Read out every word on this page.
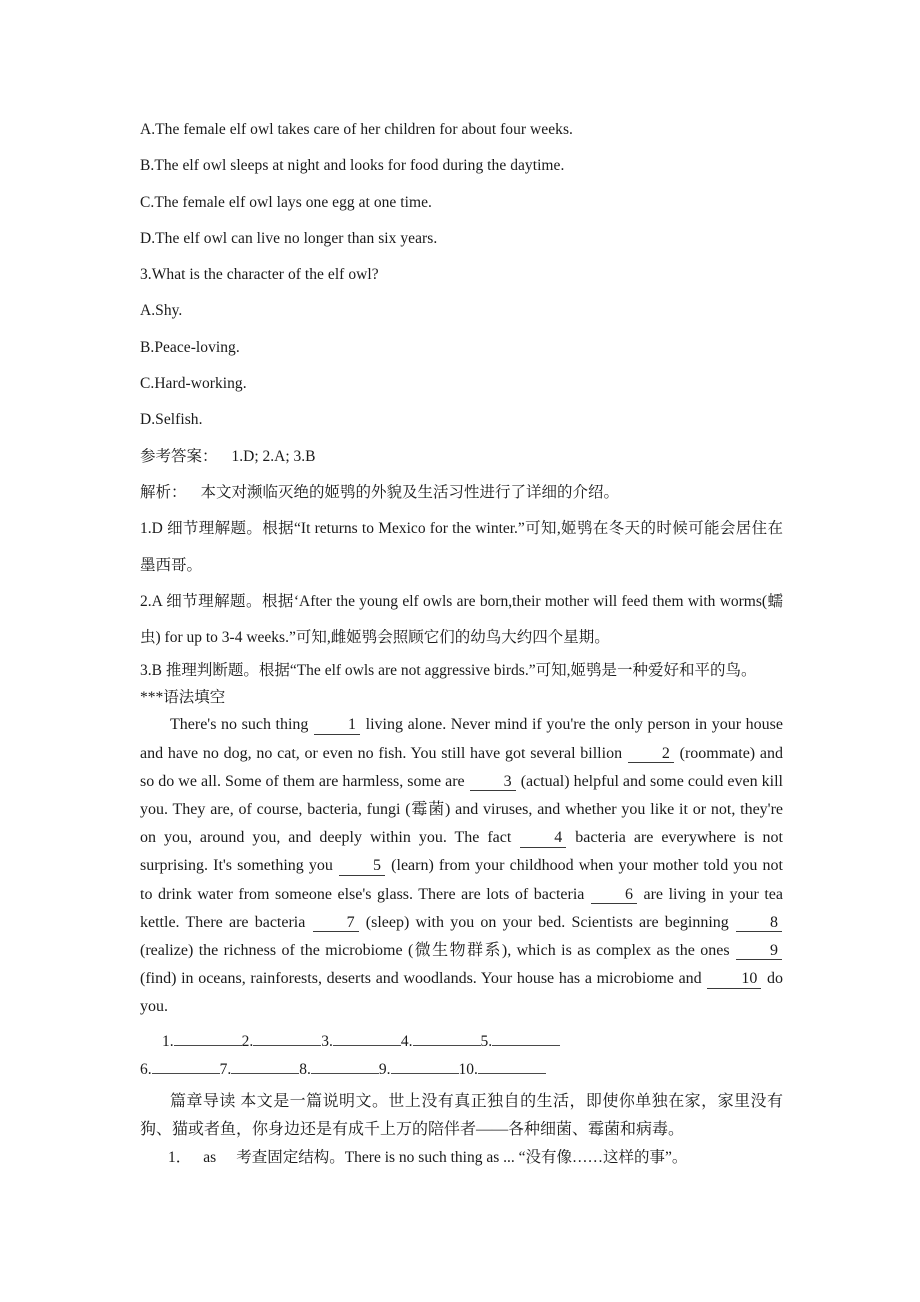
A.The female elf owl takes care of her children for about four weeks.
B.The elf owl sleeps at night and looks for food during the daytime.
C.The female elf owl lays one egg at one time.
D.The elf owl can live no longer than six years.
3.What is the character of the elf owl?
A.Shy.
B.Peace-loving.
C.Hard-working.
D.Selfish.
参考答案： 1.D; 2.A; 3.B
解析： 本文对濒临灭绝的姬鸮的外貌及生活习性进行了详细的介绍。
1.D 细节理解题。根据“It returns to Mexico for the winter.”可知,姬鸮在冬天的时候可能会居住在墨西哥。
2.A 细节理解题。根据‘After the young elf owls are born,their mother will feed them with worms(蠕虫) for up to 3-4 weeks.”可知,雌姬鸮会照顾它们的幼鸟大约四个星期。
3.B 推理判断题。根据“The elf owls are not aggressive birds.”可知,姬鸮是一种爱好和平的鸟。
***语法填空
There's no such thing 1 living alone. Never mind if you're the only person in your house and have no dog, no cat, or even no fish. You still have got several billion 2 (roommate) and so do we all. Some of them are harmless, some are 3 (actual) helpful and some could even kill you. They are, of course, bacteria, fungi (霉菌) and viruses, and whether you like it or not, they're on you, around you, and deeply within you. The fact 4 bacteria are everywhere is not surprising. It's something you 5 (learn) from your childhood when your mother told you not to drink water from someone else's glass. There are lots of bacteria 6 are living in your tea kettle. There are bacteria 7 (sleep) with you on your bed. Scientists are beginning 8 (realize) the richness of the microbiome (微生物群系), which is as complex as the ones 9 (find) in oceans, rainforests, deserts and woodlands. Your house has a microbiome and 10 do you.
1.	2.	3.	4.	5.
6.	7.	8.	9.	10.
篇章导读 本文是一篇说明文。世上没有真正独自的生活，即使你单独在家，家里没有狗、猫或者鱼，你身边还是有成千上万的陪伴者——各种细菌、霉菌和病毒。
1． as 考查固定结构。There is no such thing as ... “没有像……这样的事”。
